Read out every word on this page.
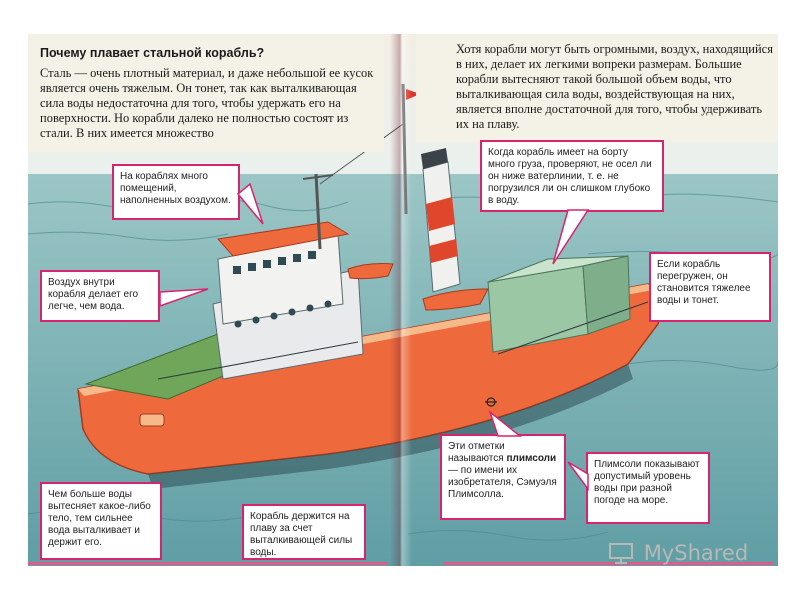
Почему плавает стальной корабль?
Сталь — очень плотный материал, и даже небольшой ее кусок является очень тяжелым. Он тонет, так как выталкивающая сила воды недостаточна для того, чтобы удержать его на поверхности. Но корабли далеко не полностью состоят из стали. В них имеется множество
Хотя корабли могут быть огромными, воздух, находящийся в них, делает их легкими вопреки размерам. Большие корабли вытесняют такой большой объем воды, что выталкивающая сила воды, воздействующая на них, является вполне достаточной для того, чтобы удерживать их на плаву.
На кораблях много помещений, наполненных воздухом.
Воздух внутри корабля делает его легче, чем вода.
Чем больше воды вытесняет какое-либо тело, тем сильнее вода выталкивает и держит его.
Корабль держится на плаву за счет выталкивающей силы воды.
Когда корабль имеет на борту много груза, проверяют, не осел ли он ниже ватерлинии, т. е. не погрузился ли он слишком глубоко в воду.
Если корабль перегружен, он становится тяжелее воды и тонет.
Эти отметки называются плимсоли — по имени их изобретателя, Сэмуэля Плимсолла.
Плимсоли показывают допустимый уровень воды при разной погоде на море.
MyShared
